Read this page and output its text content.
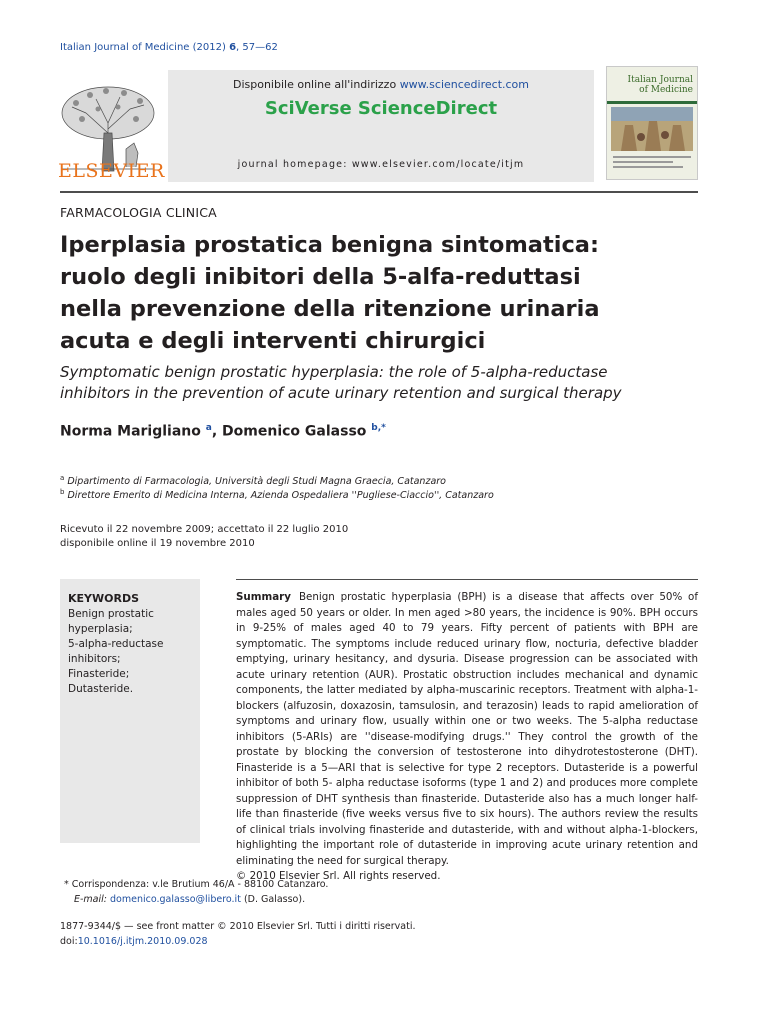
Italian Journal of Medicine (2012) 6, 57—62
ELSEVIER
Disponibile online all'indirizzo www.sciencedirect.com
SciVerse ScienceDirect
journal homepage: www.elsevier.com/locate/itjm
Italian Journal
of Medicine
FARMACOLOGIA CLINICA
Iperplasia prostatica benigna sintomatica:
ruolo degli inibitori della 5-alfa-reduttasi
nella prevenzione della ritenzione urinaria
acuta e degli interventi chirurgici
Symptomatic benign prostatic hyperplasia: the role of 5-alpha-reductase
inhibitors in the prevention of acute urinary retention and surgical therapy
Norma Marigliano $^a$, Domenico Galasso $^{b,*}$
$^a$ Dipartimento di Farmacologia, Università degli Studi Magna Graecia, Catanzaro
$^b$ Direttore Emerito di Medicina Interna, Azienda Ospedaliera ''Pugliese-Ciaccio'', Catanzaro
Ricevuto il 22 novembre 2009; accettato il 22 luglio 2010
disponibile online il 19 novembre 2010
KEYWORDS
Benign prostatic
hyperplasia;
5-alpha-reductase
inhibitors;
Finasteride;
Dutasteride.
Summary Benign prostatic hyperplasia (BPH) is a disease that affects over 50% of males aged 50 years or older. In men aged >80 years, the incidence is 90%. BPH occurs in 9-25% of males aged 40 to 79 years. Fifty percent of patients with BPH are symptomatic. The symptoms include reduced urinary flow, nocturia, defective bladder emptying, urinary hesitancy, and dysuria. Disease progression can be associated with acute urinary retention (AUR). Prostatic obstruction includes mechanical and dynamic components, the latter mediated by alpha-muscarinic receptors. Treatment with alpha-1-blockers (alfuzosin, doxazosin, tamsulosin, and terazosin) leads to rapid amelioration of symptoms and urinary flow, usually within one or two weeks. The 5-alpha reductase inhibitors (5-ARIs) are ''disease-modifying drugs.'' They control the growth of the prostate by blocking the conversion of testosterone into dihydrotestosterone (DHT). Finasteride is a 5—ARI that is selective for type 2 receptors. Dutasteride is a powerful inhibitor of both 5- alpha reductase isoforms (type 1 and 2) and produces more complete suppression of DHT synthesis than finasteride. Dutasteride also has a much longer half-life than finasteride (five weeks versus five to six hours). The authors review the results of clinical trials involving finasteride and dutasteride, with and without alpha-1-blockers, highlighting the important role of dutasteride in improving acute urinary retention and eliminating the need for surgical therapy.
© 2010 Elsevier Srl. All rights reserved.
* Corrispondenza: v.le Brutium 46/A - 88100 Catanzaro.
E-mail: domenico.galasso@libero.it (D. Galasso).
1877-9344/$ — see front matter © 2010 Elsevier Srl. Tutti i diritti riservati.
doi:10.1016/j.itjm.2010.09.028
